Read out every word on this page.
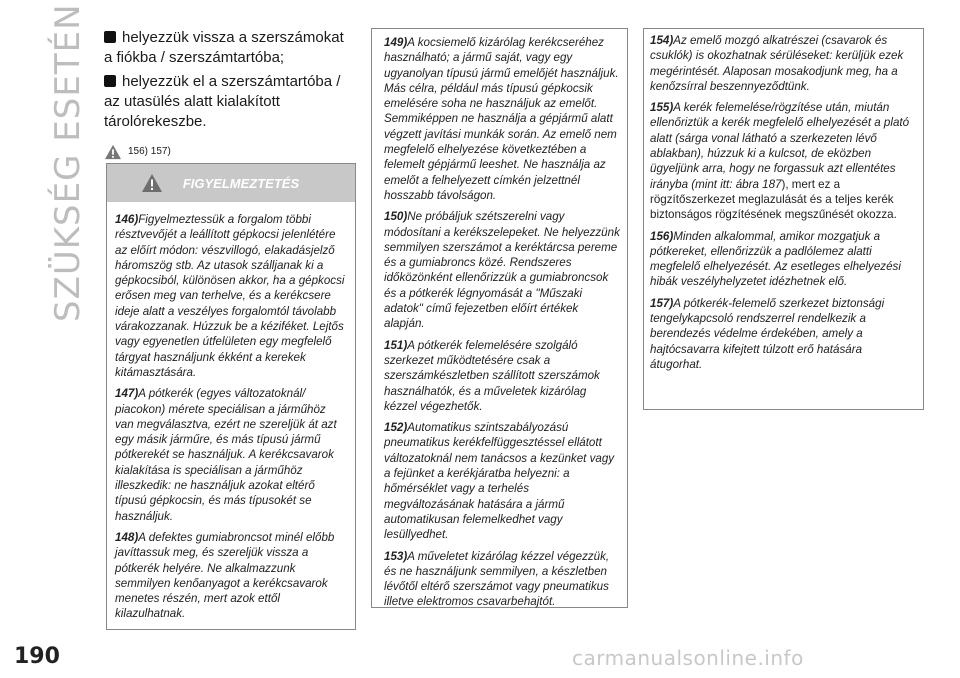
SZÜKSÉG ESETÉN	helyezzük vissza a szerszámokat a fiókba / szerszámtartóba;
helyezzük el a szerszámtartóba / az utasülés alatt kialakított tárolórekeszbe.
156) 157)
FIGYELMEZTETÉS

146)Figyelmeztessük a forgalom többi résztvevőjét a leállított gépkocsi jelenlétére az előírt módon: vészvillogó, elakadásjelző háromszög stb. Az utasok szálljanak ki a gépkocsiból, különösen akkor, ha a gépkocsi erősen meg van terhelve, és a kerékcsere ideje alatt a veszélyes forgalomtól távolabb várakozzanak. Húzzuk be a kéziféket. Lejtős vagy egyenetlen útfelületen egy megfelelő tárgyat használjunk ékként a kerekek kitámasztására.

147)A pótkerék (egyes változatoknál/ piacokon) mérete speciálisan a járműhöz van megválasztva, ezért ne szereljük át azt egy másik járműre, és más típusú jármű pótkerekét se használjuk. A kerékcsavarok kialakítása is speciálisan a járműhöz illeszkedik: ne használjuk azokat eltérő típusú gépkocsin, és más típusokét se használjuk.

148)A defektes gumiabroncsot minél előbb javíttassuk meg, és szereljük vissza a pótkerék helyére. Ne alkalmazzunk semmilyen kenőanyagot a kerékcsavarok menetes részén, mert azok ettől kilazulhatnak.

149)A kocsiemelő kizárólag kerékcseréhez használható; a jármű saját, vagy egy ugyanolyan típusú jármű emelőjét használjuk. Más célra, például más típusú gépkocsik emelésére soha ne használjuk az emelőt. Semmiképpen ne használja a gépjármű alatt végzett javítási munkák során. Az emelő nem megfelelő elhelyezése következtében a felemelt gépjármű leeshet. Ne használja az emelőt a felhelyezett címkén jelzettnél hosszabb távolságon.

150)Ne próbáljuk szétszerelni vagy módosítani a kerékszelepeket. Ne helyezzünk semmilyen szerszámot a keréktárcsa pereme és a gumiabroncs közé. Rendszeres időközönként ellenőrizzük a gumiabroncsok és a pótkerék légnyomását a "Műszaki adatok" című fejezetben előírt értékek alapján.

151)A pótkerék felemelésére szolgáló szerkezet működtetésére csak a szerszámkészletben szállított szerszámok használhatók, és a műveletek kizárólag kézzel végezhetők.

152)Automatikus szintszabályozású pneumatikus kerékfelfüggesztéssel ellátott változatoknál nem tanácsos a kezünket vagy a fejünket a kerékjáratba helyezni: a hőmérséklet vagy a terhelés megváltozásának hatására a jármű automatikusan felemelkedhet vagy lesüllyedhet.

153)A műveletet kizárólag kézzel végezzük, és ne használjunk semmilyen, a készletben lévőtől eltérő szerszámot vagy pneumatikus illetve elektromos csavarbehajtót.

154)Az emelő mozgó alkatrészei (csavarok és csuklók) is okozhatnak sérüléseket: kerüljük ezek megérintését. Alaposan mosakodjunk meg, ha a kenőzsírral beszennyeződtünk.

155)A kerék felemelése/rögzítése után, miután ellenőriztük a kerék megfelelő elhelyezését a plató alatt (sárga vonal látható a szerkezeten lévő ablakban), húzzuk ki a kulcsot, de eközben ügyeljünk arra, hogy ne forgassuk azt ellentétes irányba (mint itt: ábra 187), mert ez a rögzítőszerkezet meglazulását és a teljes kerék biztonságos rögzítésének megszűnését okozza.

156)Minden alkalommal, amikor mozgatjuk a pótkereket, ellenőrizzük a padlólemez alatti megfelelő elhelyezését. Az esetleges elhelyezési hibák veszélyhelyzetet idézhetnek elő.

157)A pótkerék-felemelő szerkezet biztonsági tengelykapcsoló rendszerrel rendelkezik a berendezés védelme érdekében, amely a hajtócsavarra kifejtett túlzott erő hatására átugorhat.

190	carmanualsonline.info
